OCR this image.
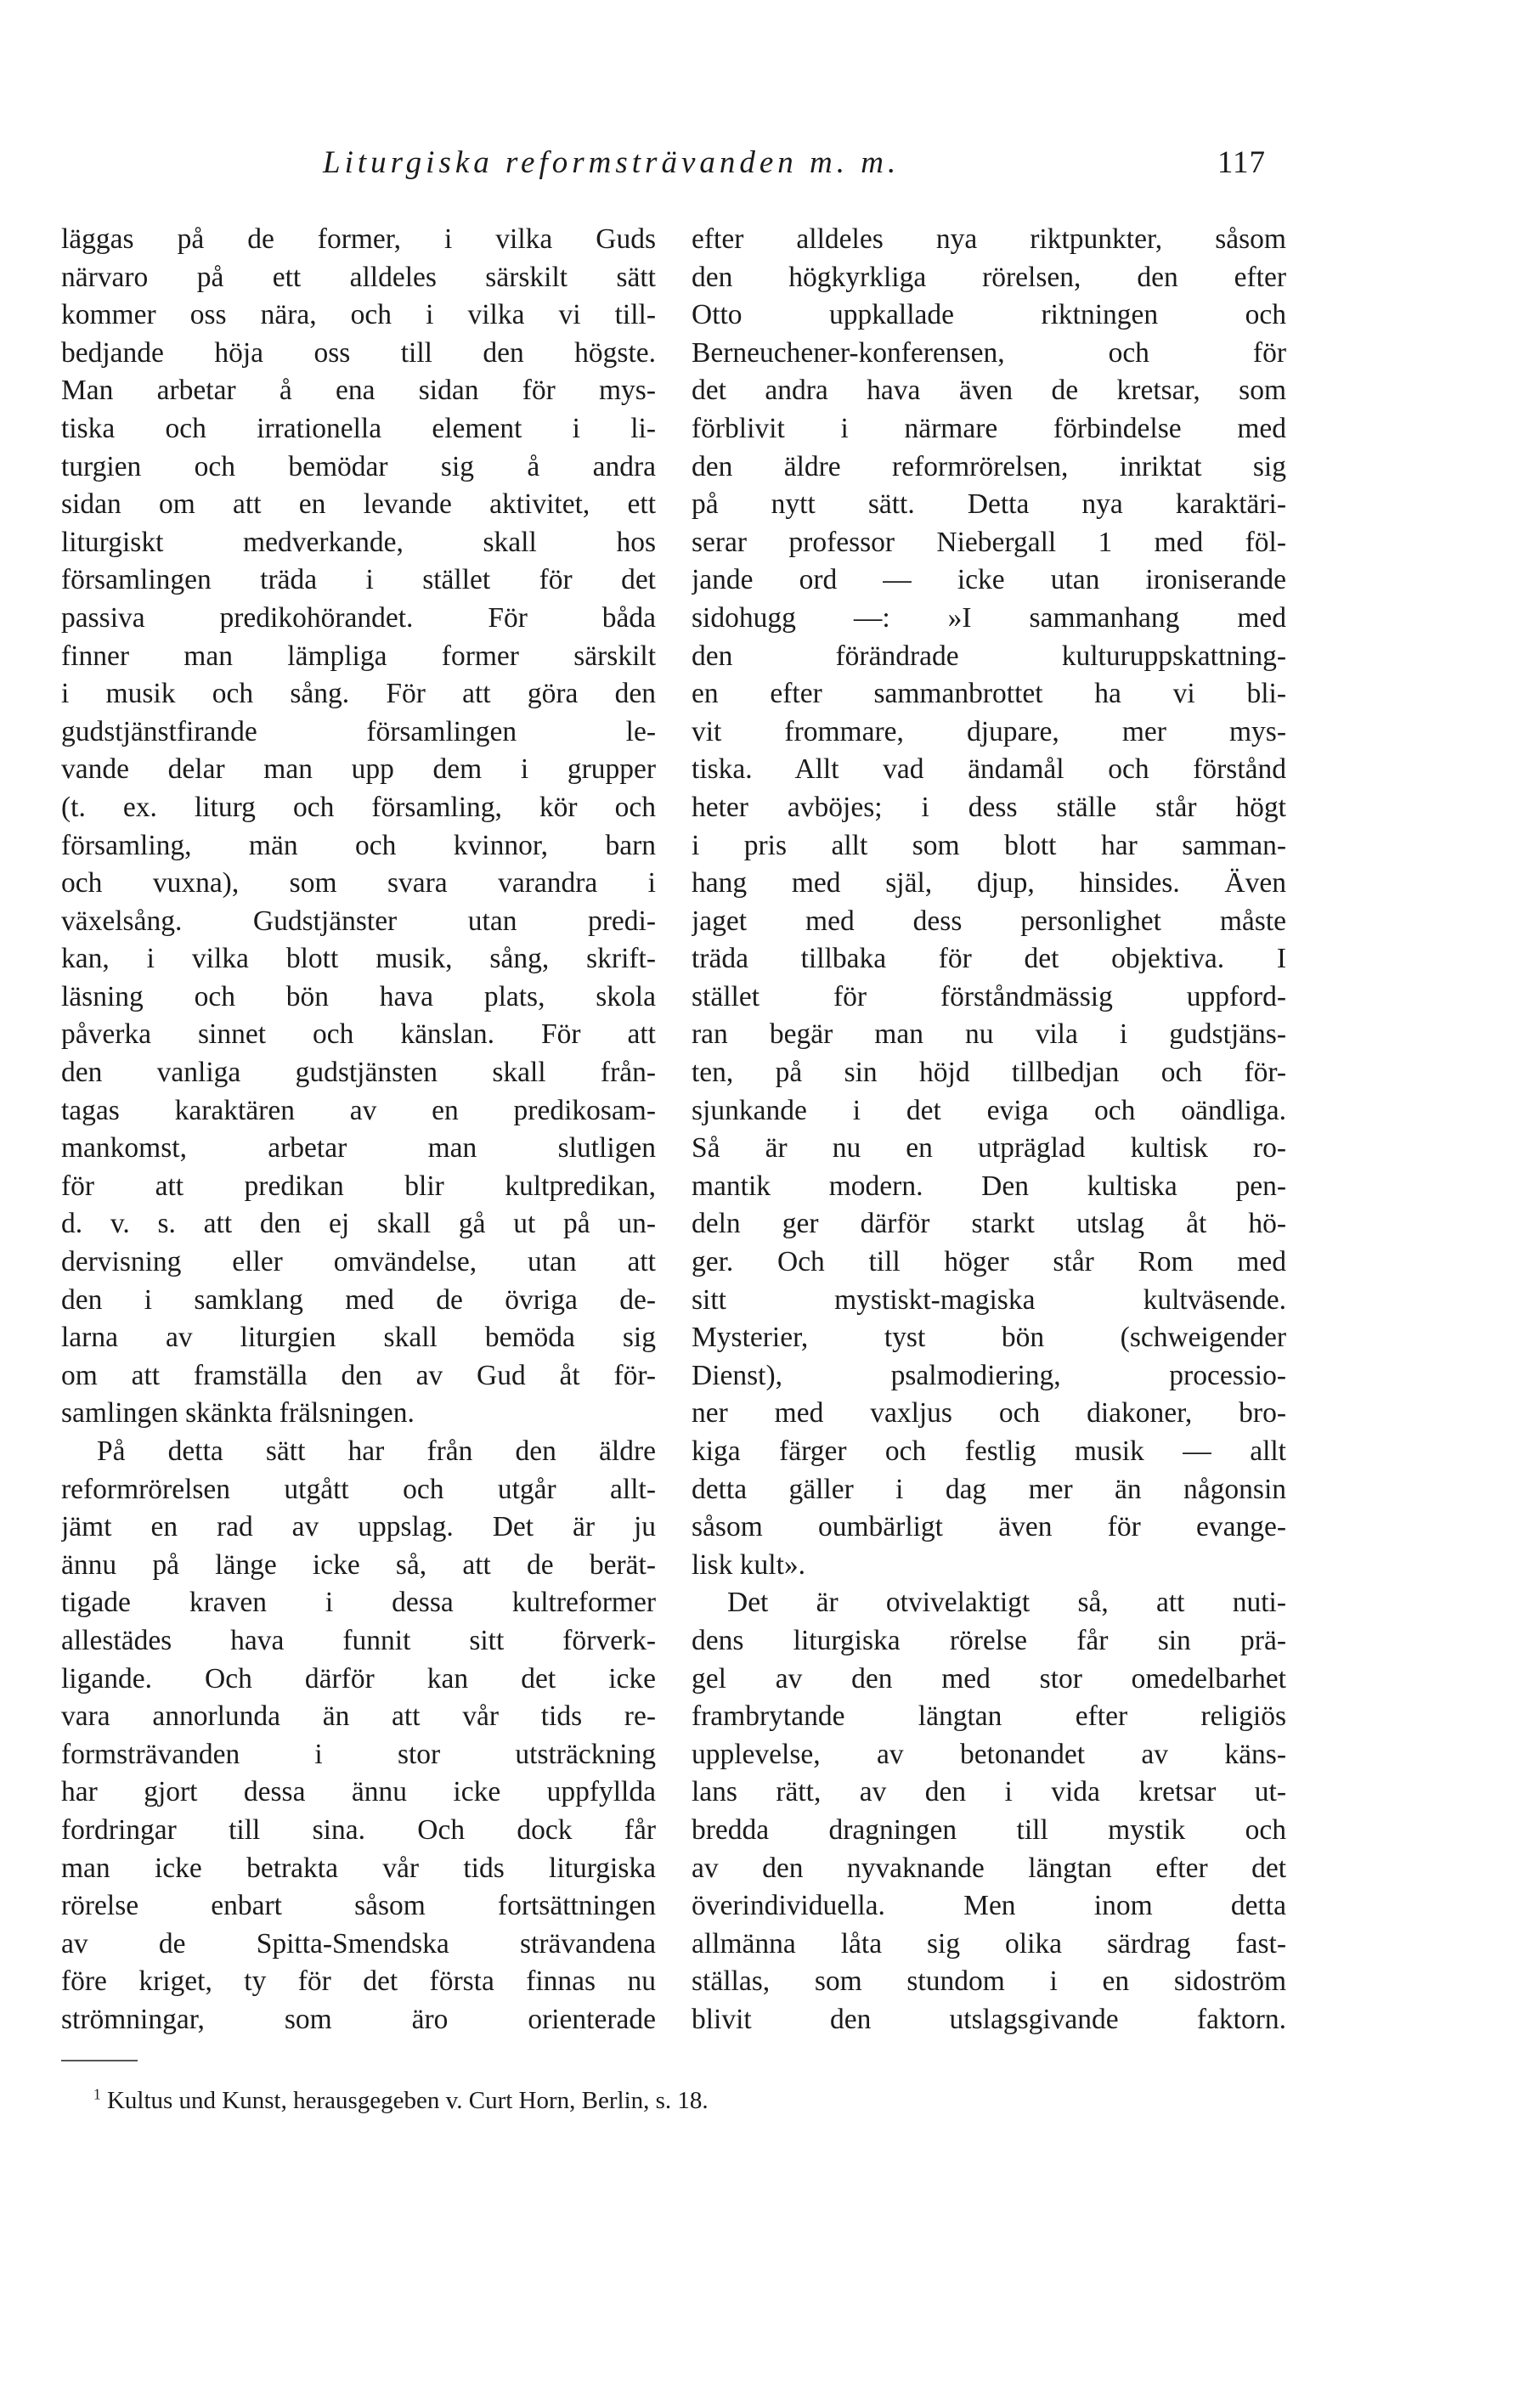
Liturgiska reformsträvanden m. m.	117
läggas på de former, i vilka Guds
närvaro på ett alldeles särskilt sätt
kommer oss nära, och i vilka vi till-
bedjande höja oss till den högste.
Man arbetar å ena sidan för mys-
tiska och irrationella element i li-
turgien och bemödar sig å andra
sidan om att en levande aktivitet, ett
liturgiskt medverkande, skall hos
församlingen träda i stället för det
passiva predikohörandet. För båda
finner man lämpliga former särskilt
i musik och sång. För att göra den
gudstjänstfirande församlingen le-
vande delar man upp dem i grupper
(t. ex. liturg och församling, kör och
församling, män och kvinnor, barn
och vuxna), som svara varandra i
växelsång. Gudstjänster utan predi-
kan, i vilka blott musik, sång, skrift-
läsning och bön hava plats, skola
påverka sinnet och känslan. För att
den vanliga gudstjänsten skall från-
tagas karaktären av en predikosam-
mankomst, arbetar man slutligen
för att predikan blir kultpredikan,
d. v. s. att den ej skall gå ut på un-
dervisning eller omvändelse, utan att
den i samklang med de övriga de-
larna av liturgien skall bemöda sig
om att framställa den av Gud åt för-
samlingen skänkta frälsningen.
På detta sätt har från den äldre
reformrörelsen utgått och utgår allt-
jämt en rad av uppslag. Det är ju
ännu på länge icke så, att de berät-
tigade kraven i dessa kultreformer
allestädes hava funnit sitt förverk-
ligande. Och därför kan det icke
vara annorlunda än att vår tids re-
formsträvanden i stor utsträckning
har gjort dessa ännu icke uppfyllda
fordringar till sina. Och dock får
man icke betrakta vår tids liturgiska
rörelse enbart såsom fortsättningen
av de Spitta-Smendska strävandena
före kriget, ty för det första finnas nu
strömningar, som äro orienterade
efter alldeles nya riktpunkter, såsom
den högkyrkliga rörelsen, den efter
Otto uppkallade riktningen och
Berneuchener-konferensen, och för
det andra hava även de kretsar, som
förblivit i närmare förbindelse med
den äldre reformrörelsen, inriktat sig
på nytt sätt. Detta nya karaktäri-
serar professor Niebergall 1 med föl-
jande ord — icke utan ironiserande
sidohugg —: »I sammanhang med
den förändrade kulturuppskattning-
en efter sammanbrottet ha vi bli-
vit frommare, djupare, mer mys-
tiska. Allt vad ändamål och förstånd
heter avböjes; i dess ställe står högt
i pris allt som blott har samman-
hang med själ, djup, hinsides. Även
jaget med dess personlighet måste
träda tillbaka för det objektiva. I
stället för förståndmässig uppford-
ran begär man nu vila i gudstjäns-
ten, på sin höjd tillbedjan och för-
sjunkande i det eviga och oändliga.
Så är nu en utpräglad kultisk ro-
mantik modern. Den kultiska pen-
deln ger därför starkt utslag åt hö-
ger. Och till höger står Rom med
sitt mystiskt-magiska kultväsende.
Mysterier, tyst bön (schweigender
Dienst), psalmodiering, processio-
ner med vaxljus och diakoner, bro-
kiga färger och festlig musik — allt
detta gäller i dag mer än någonsin
såsom oumbärligt även för evange-
lisk kult».
Det är otvivelaktigt så, att nuti-
dens liturgiska rörelse får sin prä-
gel av den med stor omedelbarhet
frambrytande längtan efter religiös
upplevelse, av betonandet av käns-
lans rätt, av den i vida kretsar ut-
bredda dragningen till mystik och
av den nyvaknande längtan efter det
överindividuella. Men inom detta
allmänna låta sig olika särdrag fast-
ställas, som stundom i en sidoström
blivit den utslagsgivande faktorn.
$^1$ Kultus und Kunst, herausgegeben v. Curt Horn, Berlin, s. 18.
